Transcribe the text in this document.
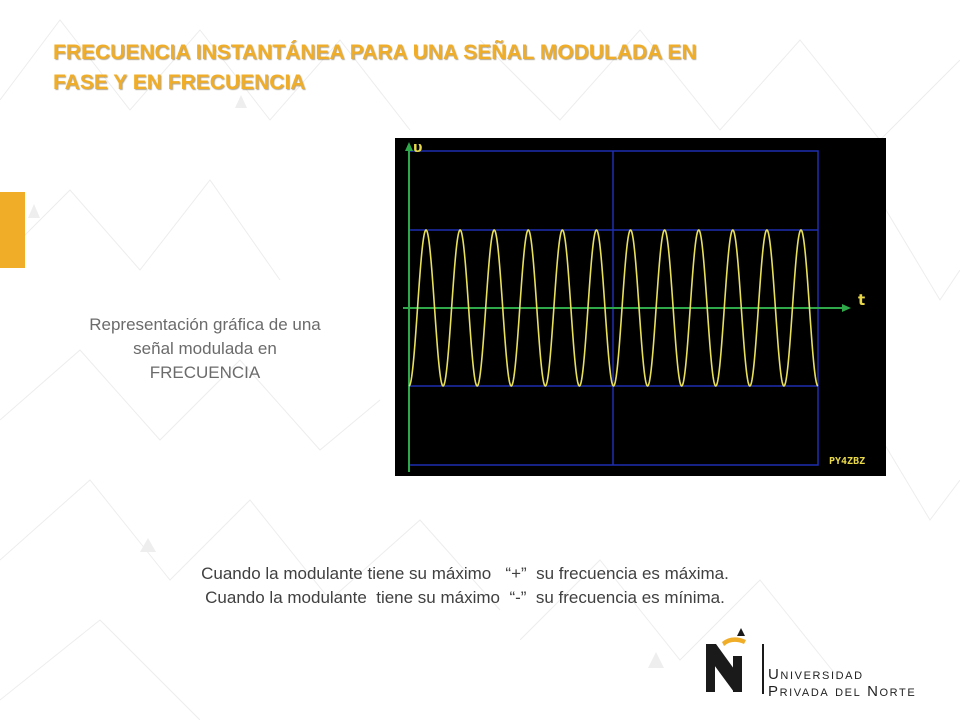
FRECUENCIA INSTANTÁNEA PARA UNA SEÑAL MODULADA EN
FASE Y EN FRECUENCIA
Representación gráfica de una
señal modulada en
FRECUENCIA
υ
t
PY4ZBZ
Cuando la modulante tiene su máximo   “+”  su frecuencia es máxima.
Cuando la modulante  tiene su máximo  “-”  su frecuencia es mínima.
Universidad
Privada del Norte
